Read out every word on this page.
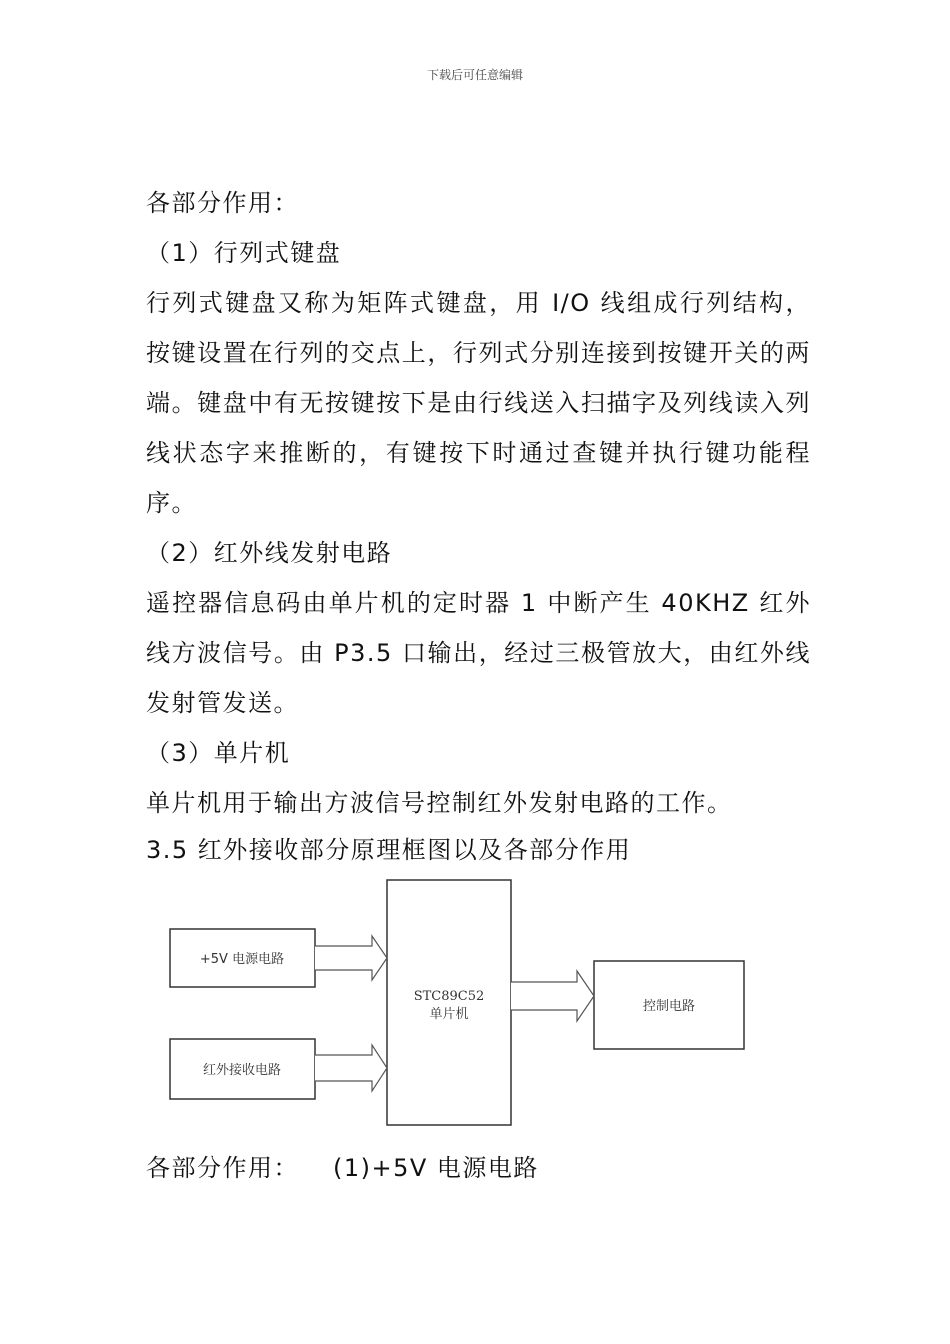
下载后可任意编辑
各部分作用：
（1）行列式键盘
行列式键盘又称为矩阵式键盘，用 I/O 线组成行列结构，按键设置在行列的交点上，行列式分别连接到按键开关的两端。键盘中有无按键按下是由行线送入扫描字及列线读入列线状态字来推断的，有键按下时通过查键并执行键功能程序。
（2）红外线发射电路
遥控器信息码由单片机的定时器 1 中断产生 40KHZ 红外线方波信号。由 P3.5 口输出，经过三极管放大，由红外线发射管发送。
（3）单片机
单片机用于输出方波信号控制红外发射电路的工作。
3.5 红外接收部分原理框图以及各部分作用
+5V 电源电路
红外接收电路
STC89C52
单片机
控制电路
各部分作用： (1)+5V 电源电路
